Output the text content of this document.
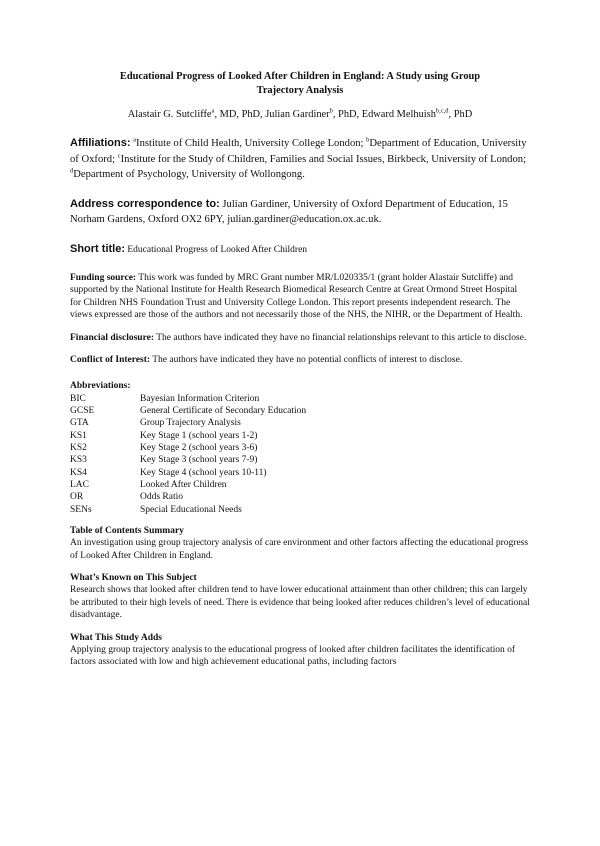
Educational Progress of Looked After Children in England: A Study using Group
Trajectory Analysis
Alastair G. Sutcliffe$^a$, MD, PhD, Julian Gardiner$^b$, PhD, Edward Melhuish$^{b,c,d}$, PhD

Affiliations: $^a$Institute of Child Health, University College London; $^b$Department of Education, University of Oxford; $^c$Institute for the Study of Children, Families and Social Issues, Birkbeck, University of London; $^d$Department of Psychology, University of Wollongong.

Address correspondence to: Julian Gardiner, University of Oxford Department of Education, 15 Norham Gardens, Oxford OX2 6PY, julian.gardiner@education.ox.ac.uk.

Short title: Educational Progress of Looked After Children

Funding source: This work was funded by MRC Grant number MR/L020335/1 (grant holder Alastair Sutcliffe) and supported by the National Institute for Health Research Biomedical Research Centre at Great Ormond Street Hospital for Children NHS Foundation Trust and University College London. This report presents independent research. The views expressed are those of the authors and not necessarily those of the NHS, the NIHR, or the Department of Health.

Financial disclosure: The authors have indicated they have no financial relationships relevant to this article to disclose.

Conflict of Interest: The authors have indicated they have no potential conflicts of interest to disclose.

Abbreviations:
BIC	Bayesian Information Criterion
GCSE	General Certificate of Secondary Education
GTA	Group Trajectory Analysis
KS1	Key Stage 1 (school years 1-2)
KS2	Key Stage 2 (school years 3-6)
KS3	Key Stage 3 (school years 7-9)
KS4	Key Stage 4 (school years 10-11)
LAC	Looked After Children
OR	Odds Ratio
SENs	Special Educational Needs
Table of Contents Summary

An investigation using group trajectory analysis of care environment and other factors affecting the educational progress of Looked After Children in England.

What’s Known on This Subject

Research shows that looked after children tend to have lower educational attainment than other children; this can largely be attributed to their high levels of need. There is evidence that being looked after reduces children’s level of educational disadvantage.

What This Study Adds

Applying group trajectory analysis to the educational progress of looked after children facilitates the identification of factors associated with low and high achievement educational paths, including factors
